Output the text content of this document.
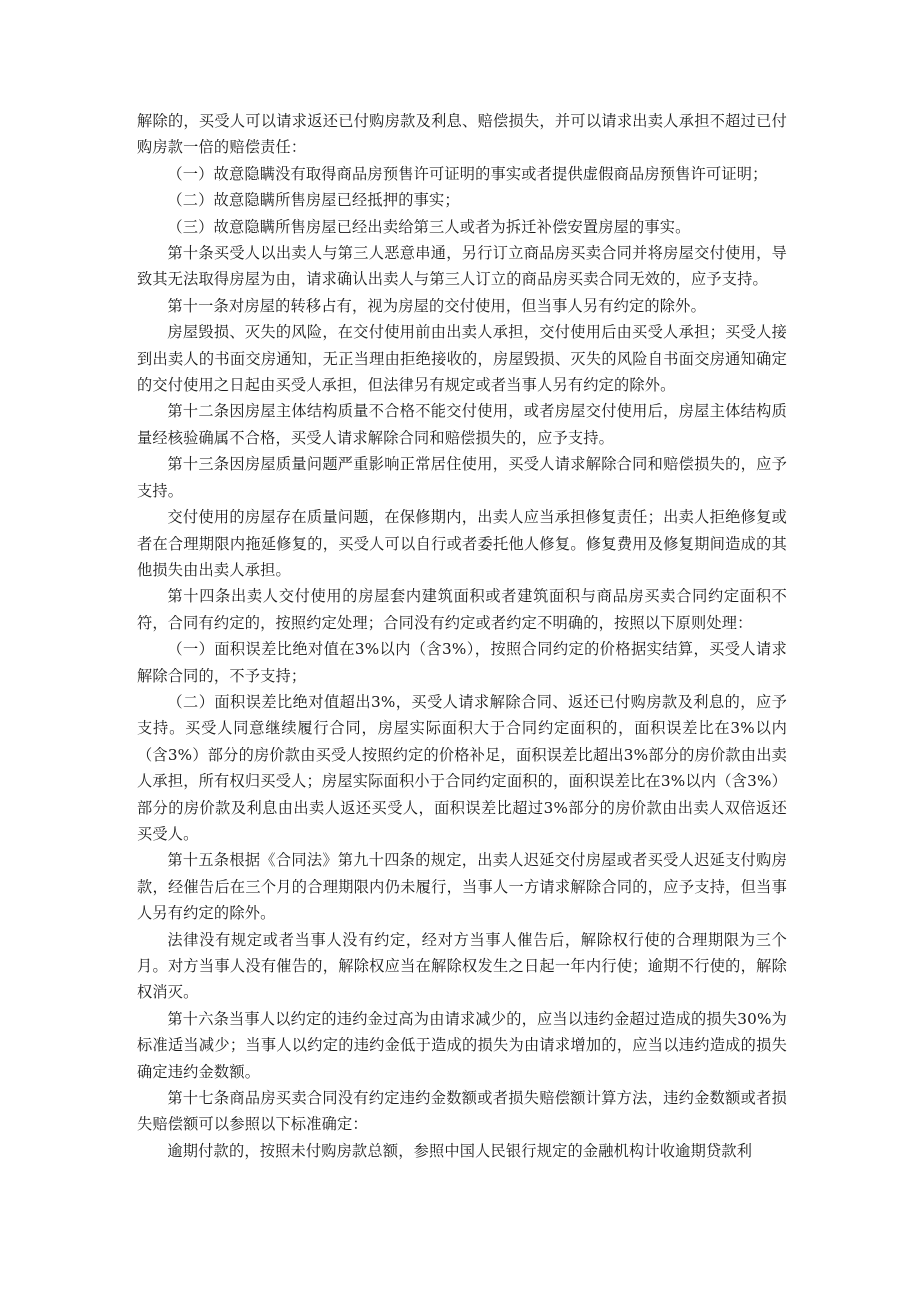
解除的，买受人可以请求返还已付购房款及利息、赔偿损失，并可以请求出卖人承担不超过已付购房款一倍的赔偿责任：

（一）故意隐瞒没有取得商品房预售许可证明的事实或者提供虚假商品房预售许可证明；

（二）故意隐瞒所售房屋已经抵押的事实；

（三）故意隐瞒所售房屋已经出卖给第三人或者为拆迁补偿安置房屋的事实。

第十条买受人以出卖人与第三人恶意串通，另行订立商品房买卖合同并将房屋交付使用，导致其无法取得房屋为由，请求确认出卖人与第三人订立的商品房买卖合同无效的，应予支持。

第十一条对房屋的转移占有，视为房屋的交付使用，但当事人另有约定的除外。

房屋毁损、灭失的风险，在交付使用前由出卖人承担，交付使用后由买受人承担；买受人接到出卖人的书面交房通知，无正当理由拒绝接收的，房屋毁损、灭失的风险自书面交房通知确定的交付使用之日起由买受人承担，但法律另有规定或者当事人另有约定的除外。

第十二条因房屋主体结构质量不合格不能交付使用，或者房屋交付使用后，房屋主体结构质量经核验确属不合格，买受人请求解除合同和赔偿损失的，应予支持。

第十三条因房屋质量问题严重影响正常居住使用，买受人请求解除合同和赔偿损失的，应予支持。

交付使用的房屋存在质量问题，在保修期内，出卖人应当承担修复责任；出卖人拒绝修复或者在合理期限内拖延修复的，买受人可以自行或者委托他人修复。修复费用及修复期间造成的其他损失由出卖人承担。

第十四条出卖人交付使用的房屋套内建筑面积或者建筑面积与商品房买卖合同约定面积不符，合同有约定的，按照约定处理；合同没有约定或者约定不明确的，按照以下原则处理：

（一）面积误差比绝对值在3%以内（含3%），按照合同约定的价格据实结算，买受人请求解除合同的，不予支持；

（二）面积误差比绝对值超出3%，买受人请求解除合同、返还已付购房款及利息的，应予支持。买受人同意继续履行合同，房屋实际面积大于合同约定面积的，面积误差比在3%以内（含3%）部分的房价款由买受人按照约定的价格补足，面积误差比超出3%部分的房价款由出卖人承担，所有权归买受人；房屋实际面积小于合同约定面积的，面积误差比在3%以内（含3%）部分的房价款及利息由出卖人返还买受人，面积误差比超过3%部分的房价款由出卖人双倍返还买受人。

第十五条根据《合同法》第九十四条的规定，出卖人迟延交付房屋或者买受人迟延支付购房款，经催告后在三个月的合理期限内仍未履行，当事人一方请求解除合同的，应予支持，但当事人另有约定的除外。

法律没有规定或者当事人没有约定，经对方当事人催告后，解除权行使的合理期限为三个月。对方当事人没有催告的，解除权应当在解除权发生之日起一年内行使；逾期不行使的，解除权消灭。

第十六条当事人以约定的违约金过高为由请求减少的，应当以违约金超过造成的损失30%为标准适当减少；当事人以约定的违约金低于造成的损失为由请求增加的，应当以违约造成的损失确定违约金数额。

第十七条商品房买卖合同没有约定违约金数额或者损失赔偿额计算方法，违约金数额或者损失赔偿额可以参照以下标准确定：

逾期付款的，按照未付购房款总额，参照中国人民银行规定的金融机构计收逾期贷款利
